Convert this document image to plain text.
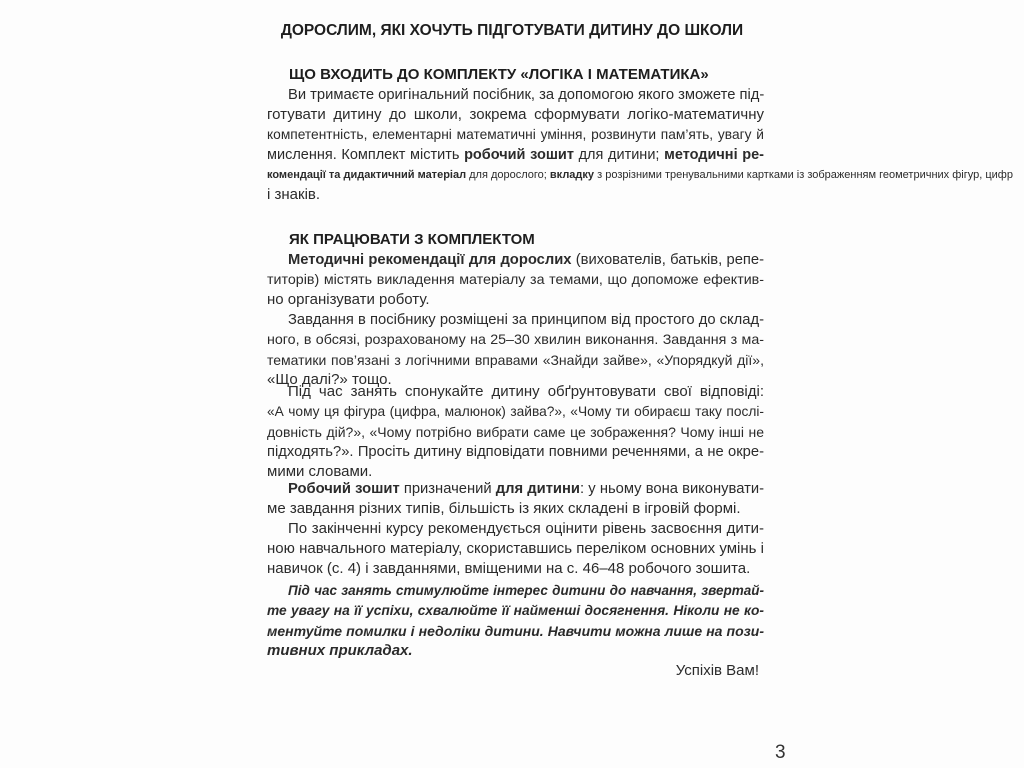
ДОРОСЛИМ, ЯКІ ХОЧУТЬ ПІДГОТУВАТИ ДИТИНУ ДО ШКОЛИ
ЩО ВХОДИТЬ ДО КОМПЛЕКТУ «ЛОГІКА І МАТЕМАТИКА»
Ви тримаєте оригінальний посібник, за допомогою якого зможете під-
готувати дитину до школи, зокрема сформувати логіко-математичну
компетентність, елементарні математичні уміння, розвинути пам’ять, увагу й
мислення. Комплект містить робочий зошит для дитини; методичні ре-
комендації та дидактичний матеріал для дорослого; вкладку з розрізними тренувальними картками із зображенням геометричних фігур, цифр
і знаків.
ЯК ПРАЦЮВАТИ З КОМПЛЕКТОМ
Методичні рекомендації для дорослих (вихователів, батьків, репе-
титорів) містять викладення матеріалу за темами, що допоможе ефектив-
но організувати роботу.
Завдання в посібнику розміщені за принципом від простого до склад-
ного, в обсязі, розрахованому на 25–30 хвилин виконання. Завдання з ма-
тематики пов’язані з логічними вправами «Знайди зайве», «Упорядкуй дії»,
«Що далі?» тощо.
Під час занять спонукайте дитину обґрунтовувати свої відповіді:
«А чому ця фігура (цифра, малюнок) зайва?», «Чому ти обираєш таку послі-
довність дій?», «Чому потрібно вибрати саме це зображення? Чому інші не
підходять?». Просіть дитину відповідати повними реченнями, а не окре-
мими словами.
Робочий зошит призначений для дитини: у ньому вона виконувати-
ме завдання різних типів, більшість із яких складені в ігровій формі.
По закінченні курсу рекомендується оцінити рівень засвоєння дити-
ною навчального матеріалу, скориставшись переліком основних умінь і
навичок (с. 4) і завданнями, вміщеними на с. 46–48 робочого зошита.
Під час занять стимулюйте інтерес дитини до навчання, звертай-
те увагу на її успіхи, схвалюйте її найменші досягнення. Ніколи не ко-
ментуйте помилки і недоліки дитини. Навчити можна лише на пози-
тивних прикладах.
Успіхів Вам!
3
